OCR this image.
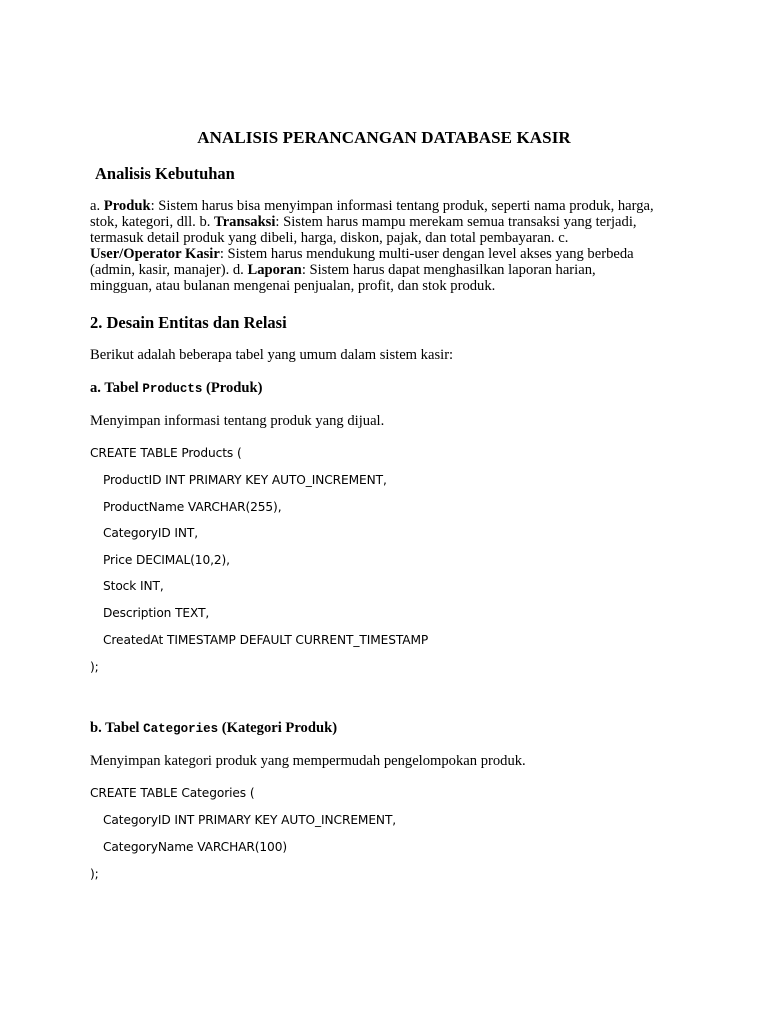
ANALISIS PERANCANGAN DATABASE KASIR
Analisis Kebutuhan
a. Produk: Sistem harus bisa menyimpan informasi tentang produk, seperti nama produk, harga,
stok, kategori, dll. b. Transaksi: Sistem harus mampu merekam semua transaksi yang terjadi,
termasuk detail produk yang dibeli, harga, diskon, pajak, dan total pembayaran. c.
User/Operator Kasir: Sistem harus mendukung multi-user dengan level akses yang berbeda
(admin, kasir, manajer). d. Laporan: Sistem harus dapat menghasilkan laporan harian,
mingguan, atau bulanan mengenai penjualan, profit, dan stok produk.
2. Desain Entitas dan Relasi
Berikut adalah beberapa tabel yang umum dalam sistem kasir:
a. Tabel Products (Produk)
Menyimpan informasi tentang produk yang dijual.
CREATE TABLE Products (
ProductID INT PRIMARY KEY AUTO_INCREMENT,
ProductName VARCHAR(255),
CategoryID INT,
Price DECIMAL(10,2),
Stock INT,
Description TEXT,
CreatedAt TIMESTAMP DEFAULT CURRENT_TIMESTAMP
);
b. Tabel Categories (Kategori Produk)
Menyimpan kategori produk yang mempermudah pengelompokan produk.
CREATE TABLE Categories (
CategoryID INT PRIMARY KEY AUTO_INCREMENT,
CategoryName VARCHAR(100)
);
